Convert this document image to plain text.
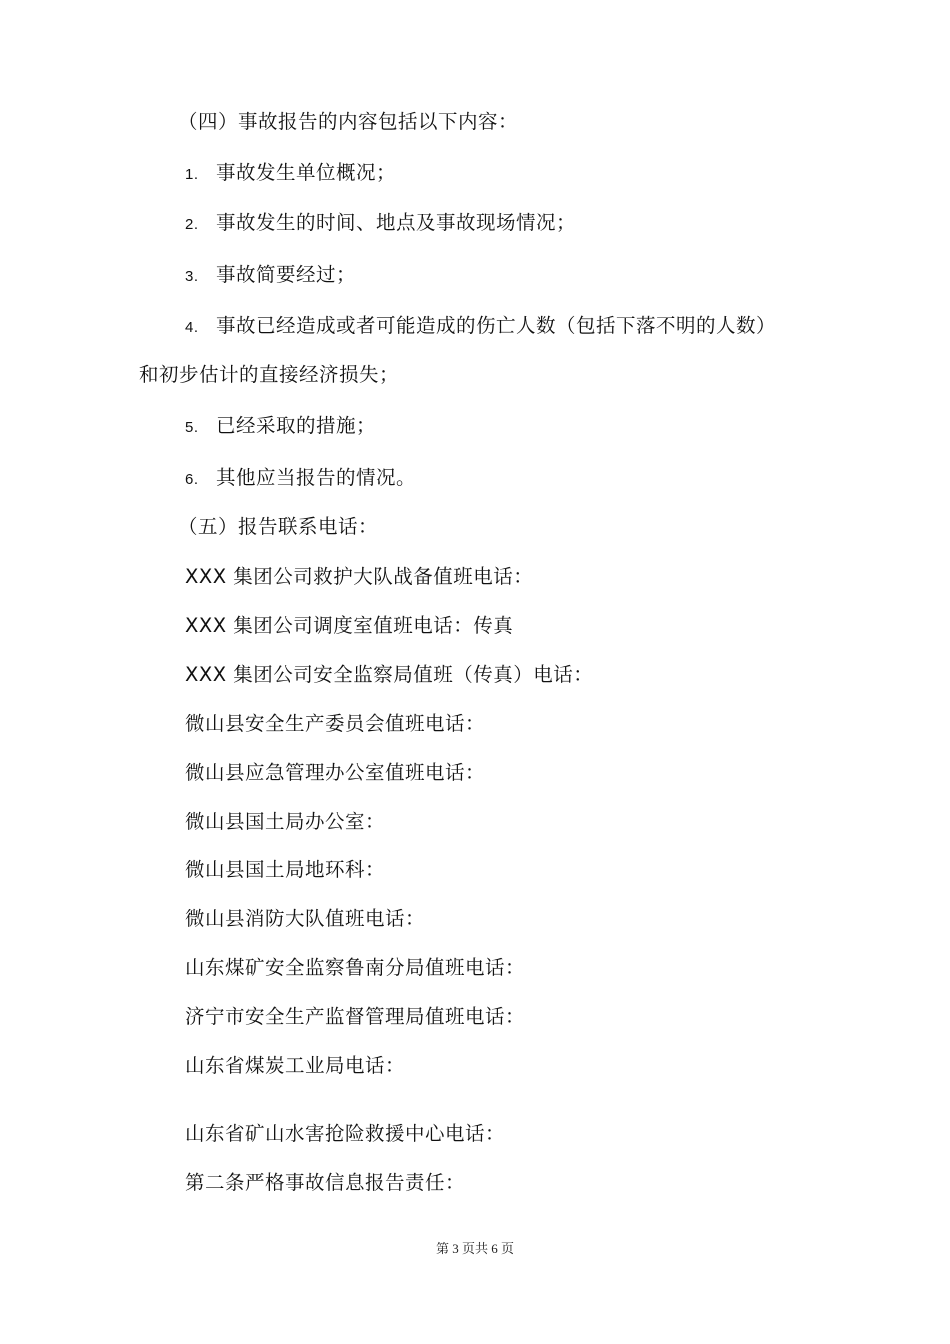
（四）事故报告的内容包括以下内容：
1. 事故发生单位概况；
2. 事故发生的时间、地点及事故现场情况；
3. 事故简要经过；
4. 事故已经造成或者可能造成的伤亡人数（包括下落不明的人数）
和初步估计的直接经济损失；
5. 已经采取的措施；
6. 其他应当报告的情况。
（五）报告联系电话：
XXX 集团公司救护大队战备值班电话：
XXX 集团公司调度室值班电话：传真
XXX 集团公司安全监察局值班（传真）电话：
微山县安全生产委员会值班电话：
微山县应急管理办公室值班电话：
微山县国土局办公室：
微山县国土局地环科：
微山县消防大队值班电话：
山东煤矿安全监察鲁南分局值班电话：
济宁市安全生产监督管理局值班电话：
山东省煤炭工业局电话：
山东省矿山水害抢险救援中心电话：
第二条严格事故信息报告责任：
第 3 页共 6 页
